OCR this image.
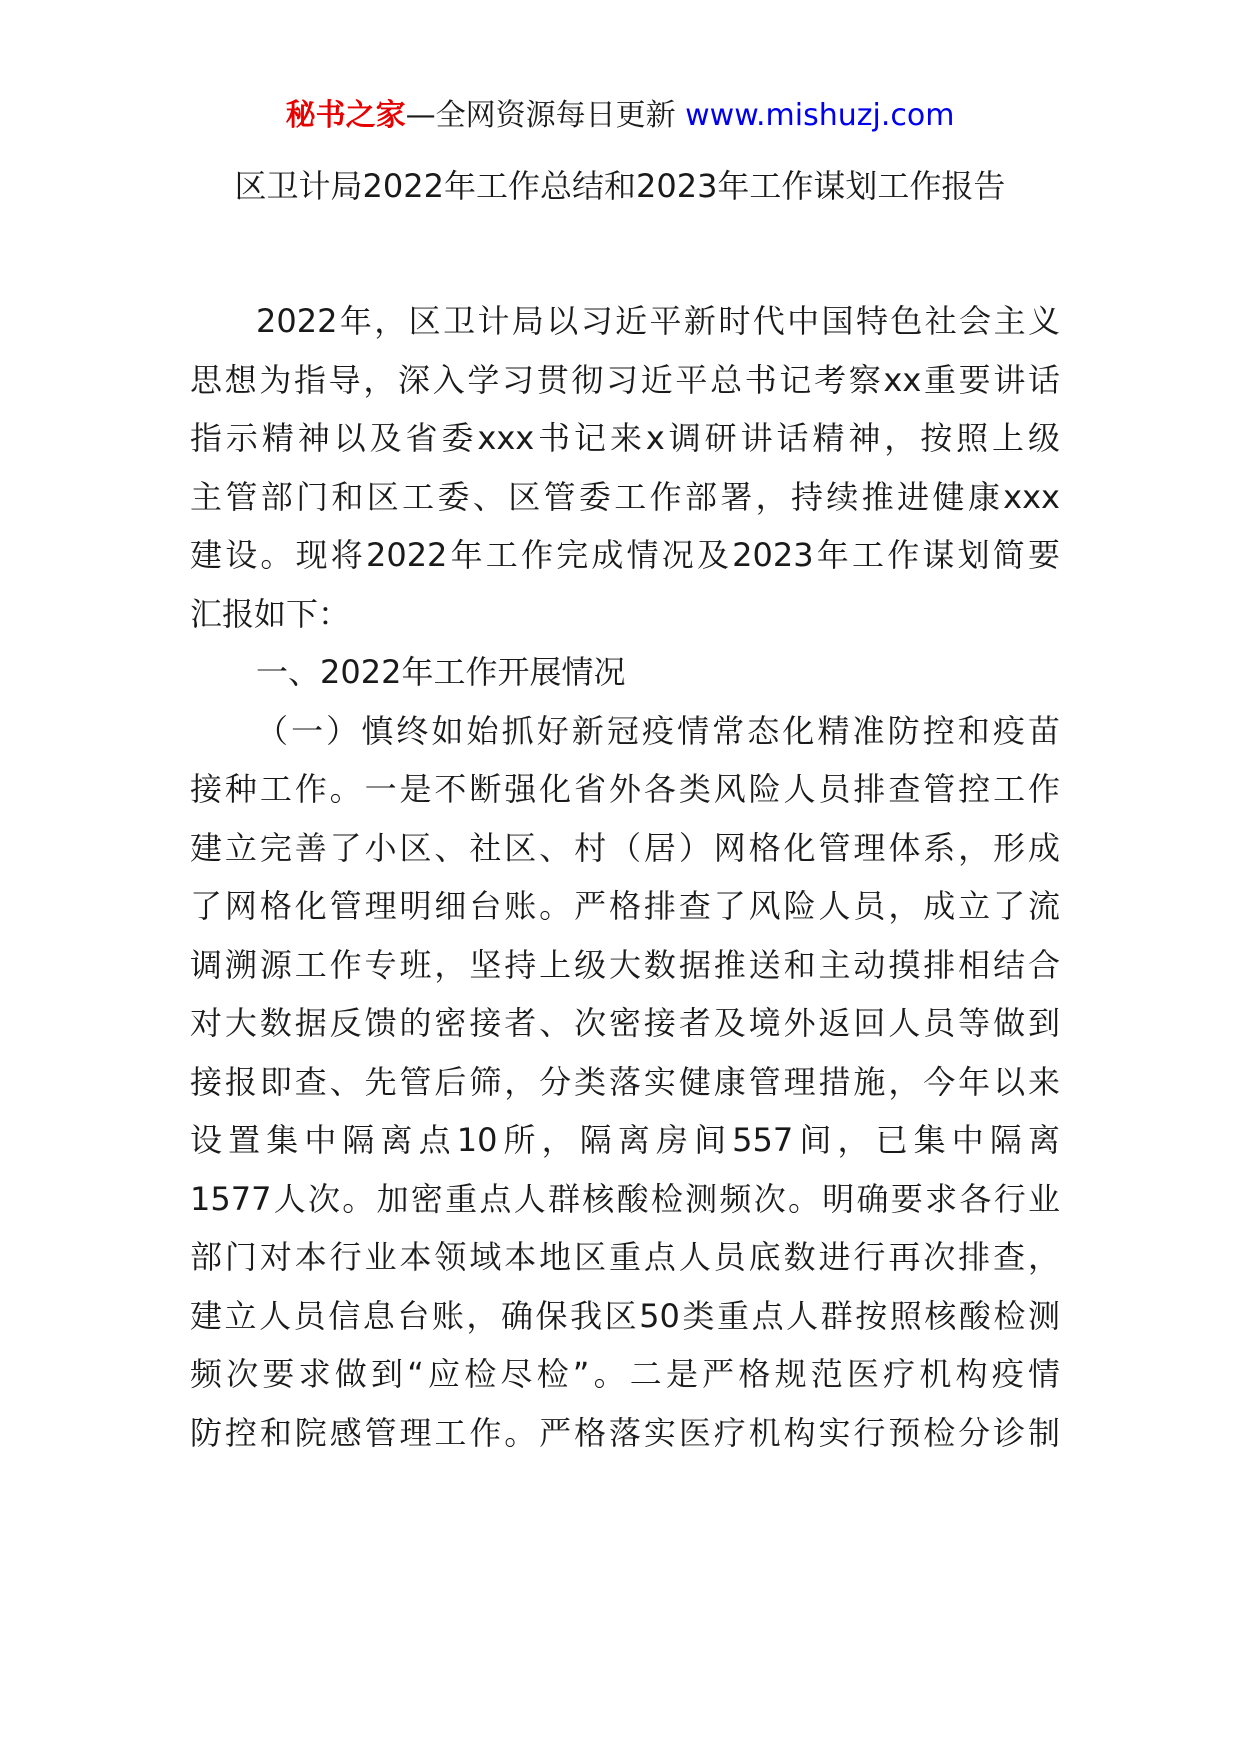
秘书之家—全网资源每日更新 www.mishuzj.com
区卫计局2022年工作总结和2023年工作谋划工作报告
2022年，区卫计局以习近平新时代中国特色社会主义
思想为指导，深入学习贯彻习近平总书记考察xx重要讲话
指示精神以及省委xxx书记来x调研讲话精神，按照上级
主管部门和区工委、区管委工作部署，持续推进健康xxx
建设。现将2022年工作完成情况及2023年工作谋划简要
汇报如下：
一、2022年工作开展情况
（一）慎终如始抓好新冠疫情常态化精准防控和疫苗
接种工作。一是不断强化省外各类风险人员排查管控工作
建立完善了小区、社区、村（居）网格化管理体系，形成
了网格化管理明细台账。严格排查了风险人员，成立了流
调溯源工作专班，坚持上级大数据推送和主动摸排相结合
对大数据反馈的密接者、次密接者及境外返回人员等做到
接报即查、先管后筛，分类落实健康管理措施，今年以来
设置集中隔离点10所，隔离房间557间，已集中隔离
1577人次。加密重点人群核酸检测频次。明确要求各行业
部门对本行业本领域本地区重点人员底数进行再次排查，
建立人员信息台账，确保我区50类重点人群按照核酸检测
频次要求做到“应检尽检”。二是严格规范医疗机构疫情
防控和院感管理工作。严格落实医疗机构实行预检分诊制
